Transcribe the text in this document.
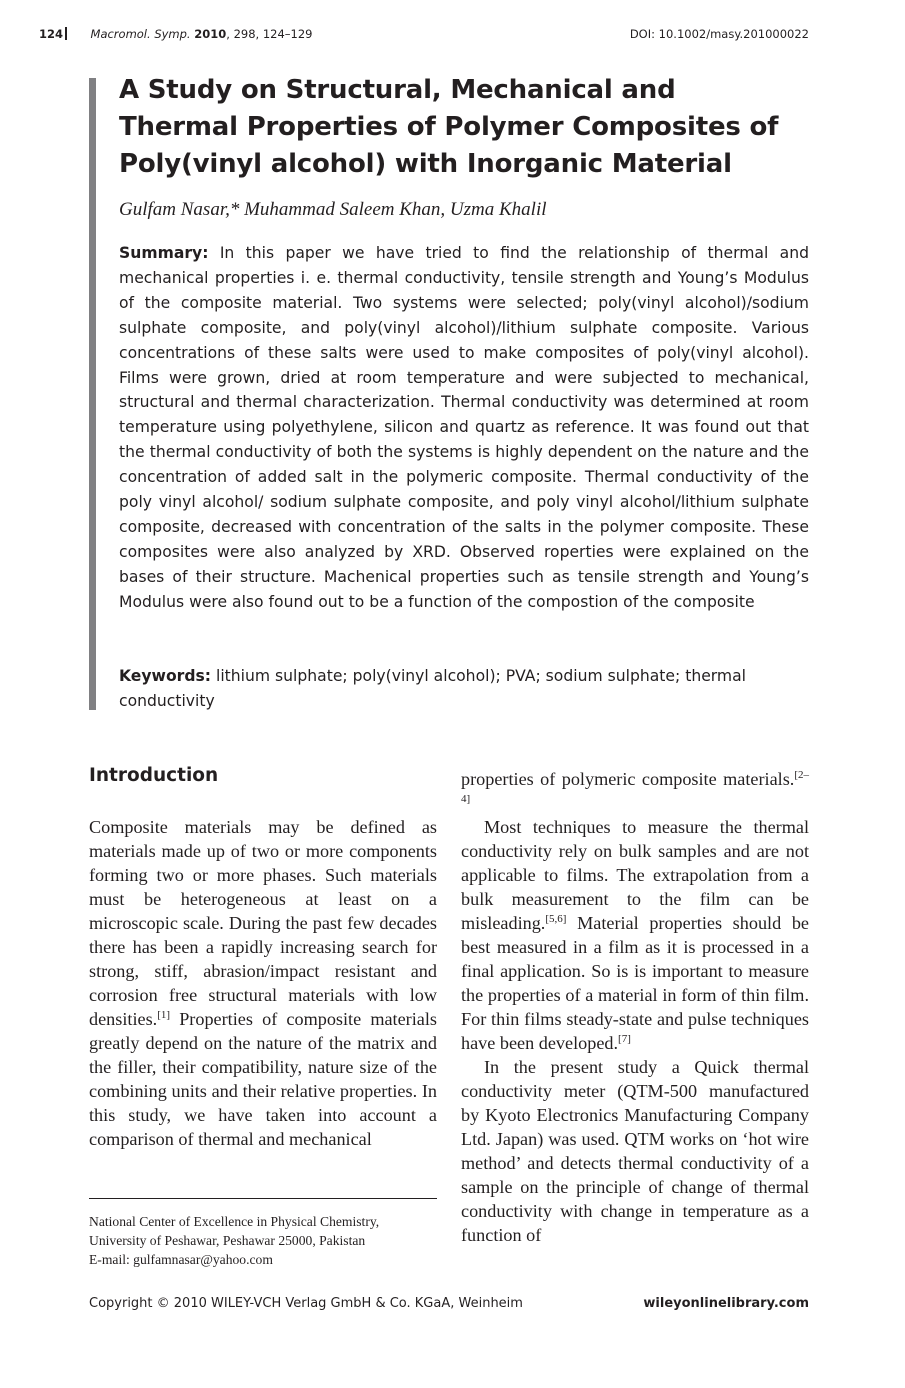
124 Macromol. Symp. 2010, 298, 124–129	DOI: 10.1002/masy.201000022
A Study on Structural, Mechanical and Thermal Properties of Polymer Composites of Poly(vinyl alcohol) with Inorganic Material

Gulfam Nasar,* Muhammad Saleem Khan, Uzma Khalil

Summary: In this paper we have tried to find the relationship of thermal and mechanical properties i. e. thermal conductivity, tensile strength and Young’s Modulus of the composite material. Two systems were selected; poly(vinyl alcohol)/sodium sulphate composite, and poly(vinyl alcohol)/lithium sulphate composite. Various concentrations of these salts were used to make composites of poly(vinyl alcohol). Films were grown, dried at room temperature and were subjected to mechanical, structural and thermal characterization. Thermal conductivity was determined at room temperature using polyethylene, silicon and quartz as reference. It was found out that the thermal conductivity of both the systems is highly dependent on the nature and the concentration of added salt in the polymeric composite. Thermal conductivity of the poly vinyl alcohol/ sodium sulphate composite, and poly vinyl alcohol/lithium sulphate composite, decreased with concentration of the salts in the polymer composite. These composites were also analyzed by XRD. Observed roperties were explained on the bases of their structure. Machenical properties such as tensile strength and Young’s Modulus were also found out to be a function of the compostion of the composite

Keywords: lithium sulphate; poly(vinyl alcohol); PVA; sodium sulphate; thermal conductivity

Introduction

Composite materials may be defined as materials made up of two or more components forming two or more phases. Such materials must be heterogeneous at least on a microscopic scale. During the past few decades there has been a rapidly increasing search for strong, stiff, abrasion/impact resistant and corrosion free structural materials with low densities.[1] Properties of composite materials greatly depend on the nature of the matrix and the filler, their compatibility, nature size of the combining units and their relative properties. In this study, we have taken into account a comparison of thermal and mechanical

properties of polymeric composite materials.[2–4]

Most techniques to measure the thermal conductivity rely on bulk samples and are not applicable to films. The extrapolation from a bulk measurement to the film can be misleading.[5,6] Material properties should be best measured in a film as it is processed in a final application. So is is important to measure the properties of a material in form of thin film. For thin films steady-state and pulse techniques have been developed.[7]

In the present study a Quick thermal conductivity meter (QTM-500 manufactured by Kyoto Electronics Manufacturing Company Ltd. Japan) was used. QTM works on ‘hot wire method’ and detects thermal conductivity of a sample on the principle of change of thermal conductivity with change in temperature as a function of

National Center of Excellence in Physical Chemistry,
University of Peshawar, Peshawar 25000, Pakistan
E-mail: gulfamnasar@yahoo.com
Copyright © 2010 WILEY-VCH Verlag GmbH & Co. KGaA, Weinheim	wileyonlinelibrary.com
